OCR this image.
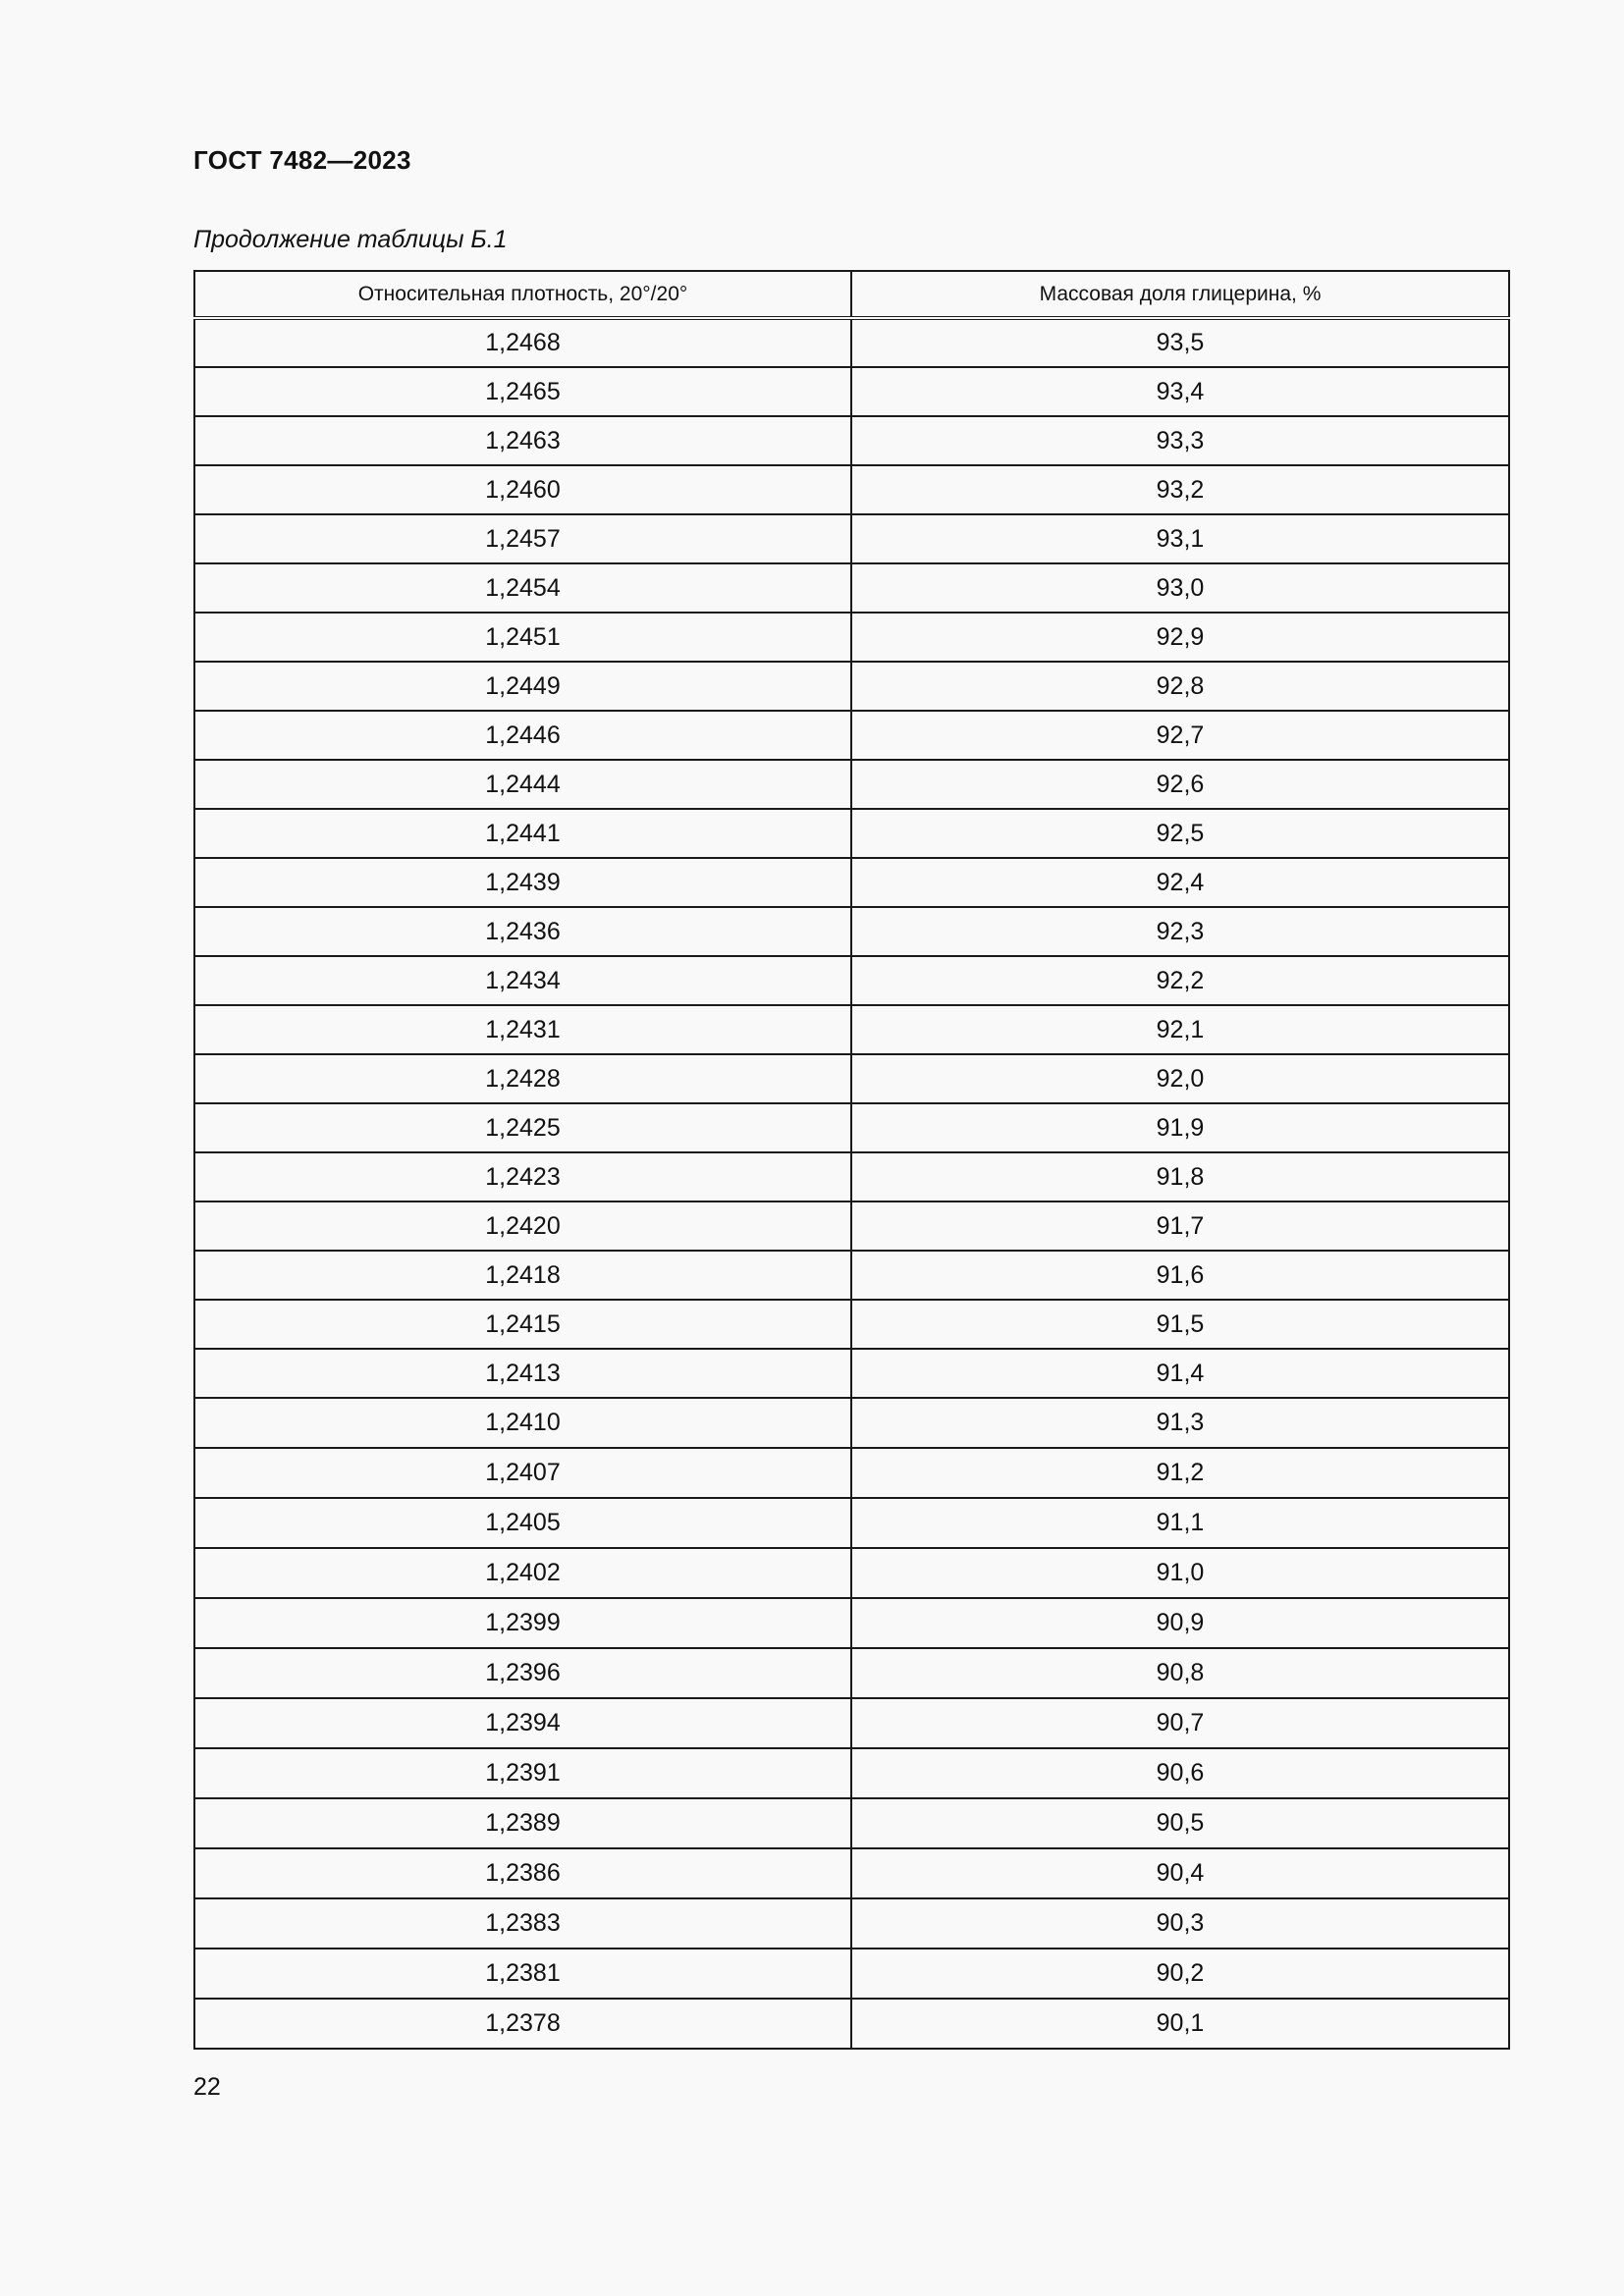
ГОСТ 7482—2023
Продолжение таблицы Б.1
Относительная плотность, 20°/20°	Массовая доля глицерина, %
1,2468	93,5
1,2465	93,4
1,2463	93,3
1,2460	93,2
1,2457	93,1
1,2454	93,0
1,2451	92,9
1,2449	92,8
1,2446	92,7
1,2444	92,6
1,2441	92,5
1,2439	92,4
1,2436	92,3
1,2434	92,2
1,2431	92,1
1,2428	92,0
1,2425	91,9
1,2423	91,8
1,2420	91,7
1,2418	91,6
1,2415	91,5
1,2413	91,4
1,2410	91,3
1,2407	91,2
1,2405	91,1
1,2402	91,0
1,2399	90,9
1,2396	90,8
1,2394	90,7
1,2391	90,6
1,2389	90,5
1,2386	90,4
1,2383	90,3
1,2381	90,2
1,2378	90,1
22
